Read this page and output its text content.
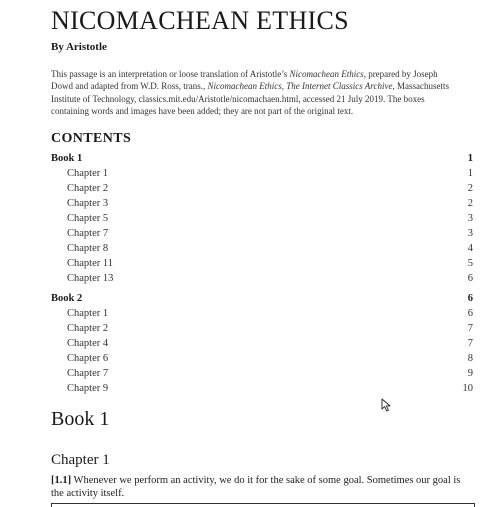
NICOMACHEAN ETHICS
By Aristotle
This passage is an interpretation or loose translation of Aristotle’s Nicomachean Ethics, prepared by Joseph Dowd and adapted from W.D. Ross, trans., Nicomachean Ethics, The Internet Classics Archive, Massachusetts Institute of Technology, classics.mit.edu/Aristotle/nicomachaen.html, accessed 21 July 2019. The boxes containing words and images have been added; they are not part of the original text.
CONTENTS
Book 1	1
Chapter 1	1
Chapter 2	2
Chapter 3	2
Chapter 5	3
Chapter 7	3
Chapter 8	4
Chapter 11	5
Chapter 13	6
Book 2	6
Chapter 1	6
Chapter 2	7
Chapter 4	7
Chapter 6	8
Chapter 7	9
Chapter 9	10
Book 1
Chapter 1
[1.1] Whenever we perform an activity, we do it for the sake of some goal. Sometimes our goal is the activity itself.
